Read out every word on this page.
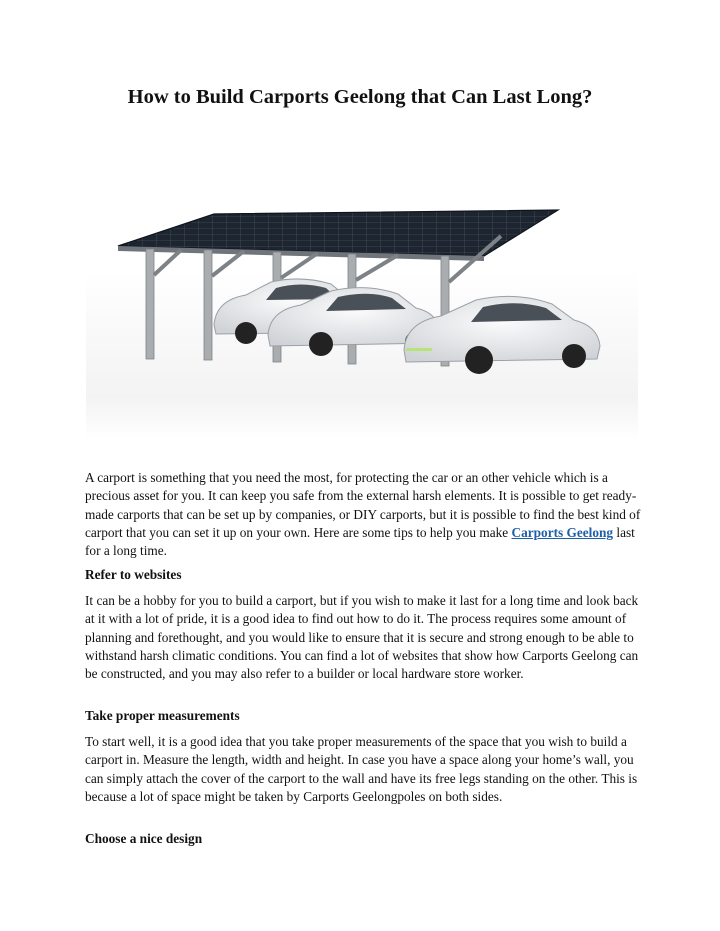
How to Build Carports Geelong that Can Last Long?

A carport is something that you need the most, for protecting the car or an other vehicle which is a precious asset for you. It can keep you safe from the external harsh elements. It is possible to get ready-made carports that can be set up by companies, or DIY carports, but it is possible to find the best kind of carport that you can set it up on your own. Here are some tips to help you make Carports Geelong last for a long time.

Refer to websites
It can be a hobby for you to build a carport, but if you wish to make it last for a long time and look back at it with a lot of pride, it is a good idea to find out how to do it. The process requires some amount of planning and forethought, and you would like to ensure that it is secure and strong enough to be able to withstand harsh climatic conditions. You can find a lot of websites that show how Carports Geelong can be constructed, and you may also refer to a builder or local hardware store worker.
Take proper measurements
To start well, it is a good idea that you take proper measurements of the space that you wish to build a carport in. Measure the length, width and height. In case you have a space along your home’s wall, you can simply attach the cover of the carport to the wall and have its free legs standing on the other. This is because a lot of space might be taken by Carports Geelongpoles on both sides.
Choose a nice design
